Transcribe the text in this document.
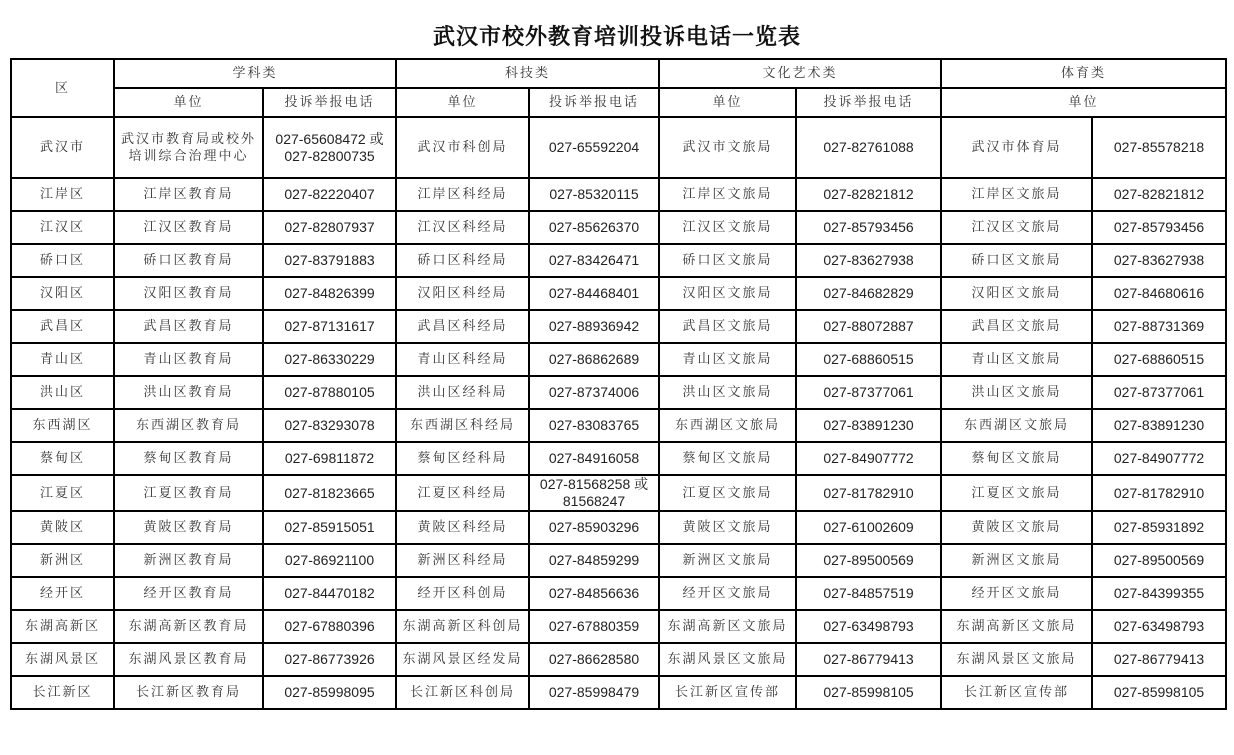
武汉市校外教育培训投诉电话一览表
区	学科类		科技类		文化艺术类		体育类	
	单位	投诉举报电话	单位	投诉举报电话	单位	投诉举报电话	单位	
武汉市	武汉市教育局或校外培训综合治理中心	027-65608472 或 027-82800735	武汉市科创局	027-65592204	武汉市文旅局	027-82761088	武汉市体育局	027-85578218
江岸区	江岸区教育局	027-82220407	江岸区科经局	027-85320115	江岸区文旅局	027-82821812	江岸区文旅局	027-82821812
江汉区	江汉区教育局	027-82807937	江汉区科经局	027-85626370	江汉区文旅局	027-85793456	江汉区文旅局	027-85793456
硚口区	硚口区教育局	027-83791883	硚口区科经局	027-83426471	硚口区文旅局	027-83627938	硚口区文旅局	027-83627938
汉阳区	汉阳区教育局	027-84826399	汉阳区科经局	027-84468401	汉阳区文旅局	027-84682829	汉阳区文旅局	027-84680616
武昌区	武昌区教育局	027-87131617	武昌区科经局	027-88936942	武昌区文旅局	027-88072887	武昌区文旅局	027-88731369
青山区	青山区教育局	027-86330229	青山区科经局	027-86862689	青山区文旅局	027-68860515	青山区文旅局	027-68860515
洪山区	洪山区教育局	027-87880105	洪山区经科局	027-87374006	洪山区文旅局	027-87377061	洪山区文旅局	027-87377061
东西湖区	东西湖区教育局	027-83293078	东西湖区科经局	027-83083765	东西湖区文旅局	027-83891230	东西湖区文旅局	027-83891230
蔡甸区	蔡甸区教育局	027-69811872	蔡甸区经科局	027-84916058	蔡甸区文旅局	027-84907772	蔡甸区文旅局	027-84907772
江夏区	江夏区教育局	027-81823665	江夏区科经局	027-81568258 或 81568247	江夏区文旅局	027-81782910	江夏区文旅局	027-81782910
黄陂区	黄陂区教育局	027-85915051	黄陂区科经局	027-85903296	黄陂区文旅局	027-61002609	黄陂区文旅局	027-85931892
新洲区	新洲区教育局	027-86921100	新洲区科经局	027-84859299	新洲区文旅局	027-89500569	新洲区文旅局	027-89500569
经开区	经开区教育局	027-84470182	经开区科创局	027-84856636	经开区文旅局	027-84857519	经开区文旅局	027-84399355
东湖高新区	东湖高新区教育局	027-67880396	东湖高新区科创局	027-67880359	东湖高新区文旅局	027-63498793	东湖高新区文旅局	027-63498793
东湖风景区	东湖风景区教育局	027-86773926	东湖风景区经发局	027-86628580	东湖风景区文旅局	027-86779413	东湖风景区文旅局	027-86779413
长江新区	长江新区教育局	027-85998095	长江新区科创局	027-85998479	长江新区宣传部	027-85998105	长江新区宣传部	027-85998105
